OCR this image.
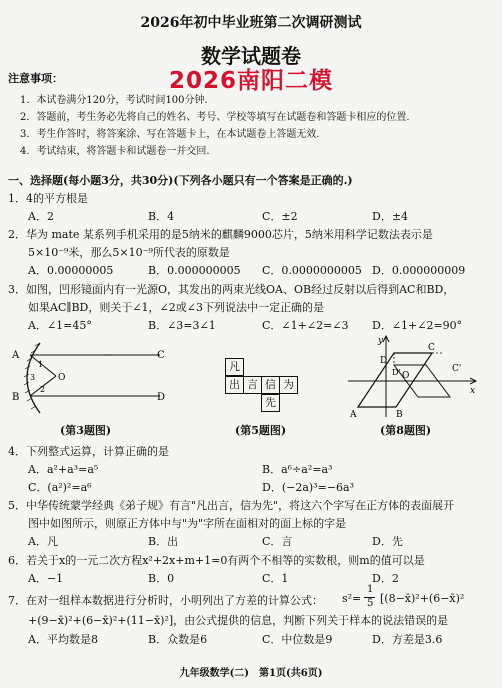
2026年初中毕业班第二次调研测试
数学试题卷
2026南阳二模
注意事项：
1．本试卷满分120分，考试时间100分钟.
2．答题前，考生务必先将自己的姓名、考号、学校等填写在试题卷和答题卡相应的位置.
3．考生作答时，将答案涂、写在答题卡上，在本试题卷上答题无效.
4．考试结束，将答题卡和试题卷一并交回.
一、选择题(每小题3分，共30分)(下列各小题只有一个答案是正确的.)
1．4的平方根是
A．2	B．4	C．±2	D．±4
2．华为 mate 某系列手机采用的是5纳米的麒麟9000芯片，5纳米用科学记数法表示是
5×10⁻⁹米，那么5×10⁻⁹所代表的原数是
A．0.00000005	B．0.000000005 C．0.0000000005 D．0.000000009
3．如图，凹形镜面内有一光源O，其发出的两束光线OA、OB经过反射以后得到AC和BD，
如果AC∥BD，则关于∠1，∠2或∠3下列说法中一定正确的是
A．∠1=45°	B．∠3=3∠1	C．∠1+∠2=∠3 D．∠1+∠2=90°
A
B
C
D
O
1
2
3
(第3题图)
凡
出 言 信 为
先
(第5题图)
y
x
A	B
C
D
O
C'
D'
(第8题图)
4．下列整式运算，计算正确的是
A．a²+a³=a⁵	B．a⁶÷a²=a³
C．(a²)²=a⁶	D．(−2a)³=−6a³
5．中华传统蒙学经典《弟子规》有言"凡出言，信为先"，将这六个字写在正方体的表面展开
图中如图所示，则原正方体中与"为"字所在面相对的面上标的字是
A．凡	B．出	C．言	D．先
6．若关于x的一元二次方程x²+2x+m+1=0有两个不相等的实数根，则m的值可以是
A．−1	B．0	C．1	D．2
7．在对一组样本数据进行分析时，小明列出了方差的计算公式： s²=
1
5 [(8−x̄)²+(6−x̄)²
+(9−x̄)²+(6−x̄)²+(11−x̄)²]，由公式提供的信息，判断下列关于样本的说法错误的是
A．平均数是8	B．众数是6	C．中位数是9	D．方差是3.6
九年级数学(二)　第1页(共6页)
